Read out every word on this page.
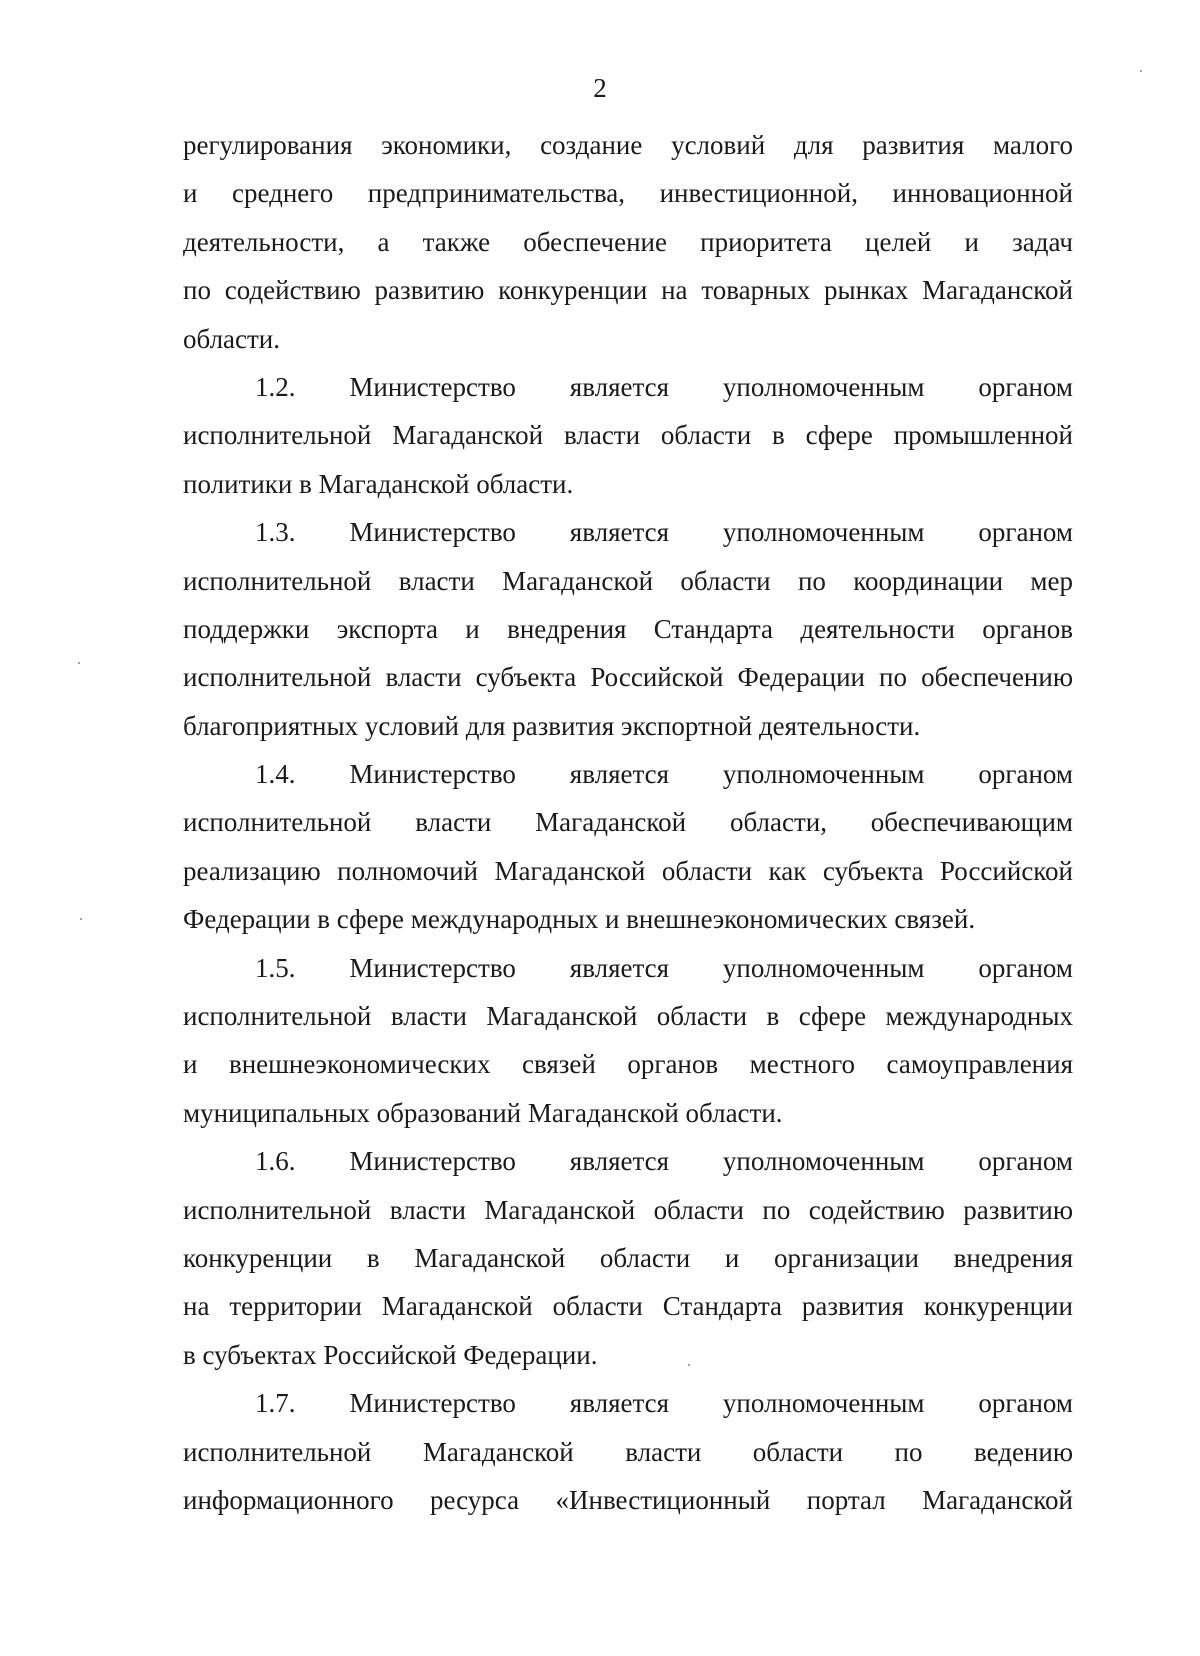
2
регулирования экономики, создание условий для развития малого
и среднего предпринимательства, инвестиционной, инновационной
деятельности, а также обеспечение приоритета целей и задач
по содействию развитию конкуренции на товарных рынках Магаданской
области.
1.2. Министерство является уполномоченным органом
исполнительной Магаданской власти области в сфере промышленной
политики в Магаданской области.
1.3. Министерство является уполномоченным органом
исполнительной власти Магаданской области по координации мер
поддержки экспорта и внедрения Стандарта деятельности органов
исполнительной власти субъекта Российской Федерации по обеспечению
благоприятных условий для развития экспортной деятельности.
1.4. Министерство является уполномоченным органом
исполнительной власти Магаданской области, обеспечивающим
реализацию полномочий Магаданской области как субъекта Российской
Федерации в сфере международных и внешнеэкономических связей.
1.5. Министерство является уполномоченным органом
исполнительной власти Магаданской области в сфере международных
и внешнеэкономических связей органов местного самоуправления
муниципальных образований Магаданской области.
1.6. Министерство является уполномоченным органом
исполнительной власти Магаданской области по содействию развитию
конкуренции в Магаданской области и организации внедрения
на территории Магаданской области Стандарта развития конкуренции
в субъектах Российской Федерации.
1.7. Министерство является уполномоченным органом
исполнительной Магаданской власти области по ведению
информационного ресурса «Инвестиционный портал Магаданской
